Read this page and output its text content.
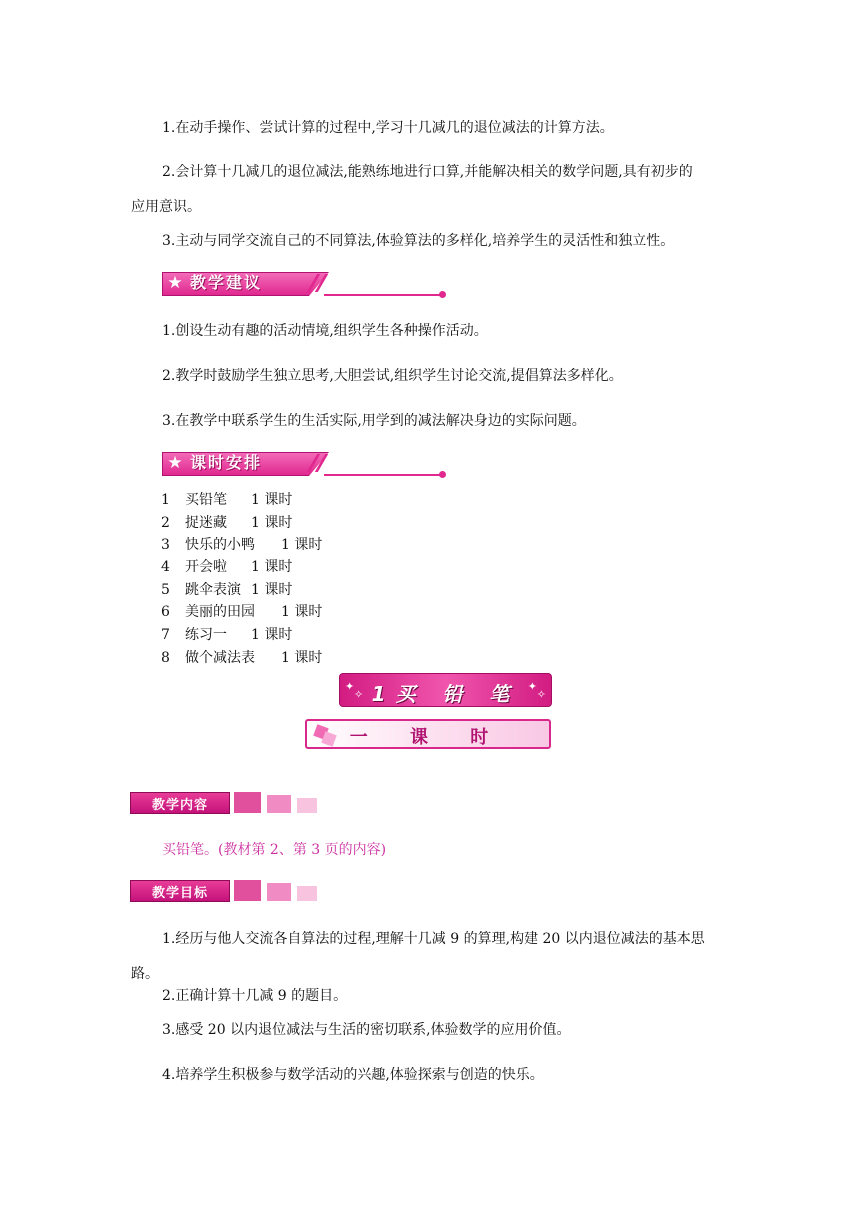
1.在动手操作、尝试计算的过程中,学习十几减几的退位减法的计算方法。
2.会计算十几减几的退位减法,能熟练地进行口算,并能解决相关的数学问题,具有初步的
应用意识。
3.主动与同学交流自己的不同算法,体验算法的多样化,培养学生的灵活性和独立性。
★ 教学建议
1.创设生动有趣的活动情境,组织学生各种操作活动。
2.教学时鼓励学生独立思考,大胆尝试,组织学生讨论交流,提倡算法多样化。
3.在教学中联系学生的生活实际,用学到的减法解决身边的实际问题。
★ 课时安排
1 买铅笔 1 课时
2 捉迷藏 1 课时
3 快乐的小鸭 1 课时
4 开会啦 1 课时
5 跳伞表演 1 课时
6 美丽的田园 1 课时
7 练习一 1 课时
8 做个减法表 1 课时
✦
✧ 1买 铅 笔 ✦
✧
一 课 时
教学内容
买铅笔。(教材第 2、第 3 页的内容)
教学目标
1.经历与他人交流各自算法的过程,理解十几减 9 的算理,构建 20 以内退位减法的基本思
路。
2.正确计算十几减 9 的题目。
3.感受 20 以内退位减法与生活的密切联系,体验数学的应用价值。
4.培养学生积极参与数学活动的兴趣,体验探索与创造的快乐。
